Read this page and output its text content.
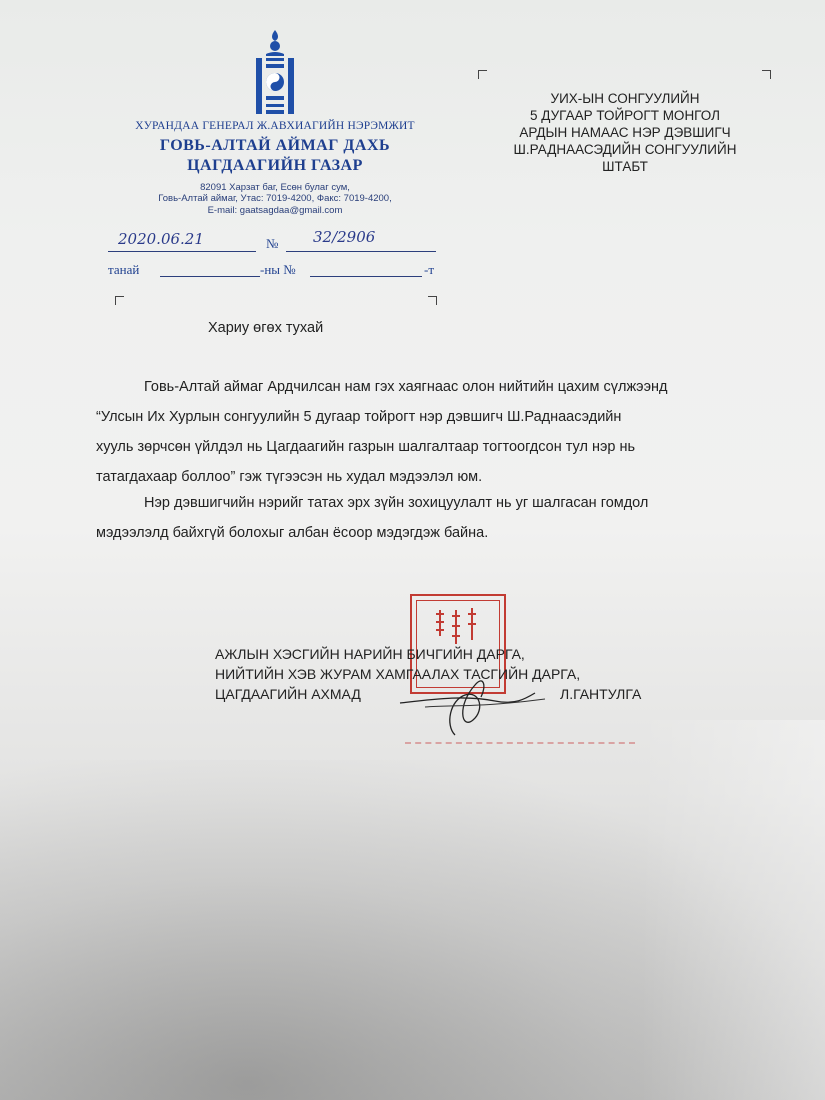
ХУРАНДАА ГЕНЕРАЛ Ж.АВХИАГИЙН НЭРЭМЖИТ
ГОВЬ-АЛТАЙ АЙМАГ ДАХЬ
ЦАГДААГИЙН ГАЗАР
82091 Харзат баг, Есөн булаг сум,
Говь-Алтай аймаг, Утас: 7019-4200, Факс: 7019-4200,
E-mail: gaatsagdaa@gmail.com
2020.06.21	№ 32/2906
танай	-ны №	-т
УИХ-ЫН СОНГУУЛИЙН
5 ДУГААР ТОЙРОГТ МОНГОЛ
АРДЫН НАМААС НЭР ДЭВШИГЧ
Ш.РАДНААСЭДИЙН СОНГУУЛИЙН
ШТАБТ
Хариу өгөх тухай
Говь-Алтай аймаг Ардчилсан нам гэх хаягнаас олон нийтийн цахим сүлжээнд
“Улсын Их Хурлын сонгуулийн 5 дугаар тойрогт нэр дэвшигч Ш.Раднаасэдийн
хууль зөрчсөн үйлдэл нь Цагдаагийн газрын шалгалтаар тогтоогдсон тул нэр нь
татагдахаар боллоо” гэж түгээсэн нь худал мэдээлэл юм.
Нэр дэвшигчийн нэрийг татах эрх зүйн зохицуулалт нь уг шалгасан гомдол
мэдээлэлд байхгүй болохыг албан ёсоор мэдэгдэж байна.
АЖЛЫН ХЭСГИЙН НАРИЙН БИЧГИЙН ДАРГА,
НИЙТИЙН ХЭВ ЖУРАМ ХАМГААЛАХ ТАСГИЙН ДАРГА,
ЦАГДААГИЙН АХМАД	Л.ГАНТУЛГА
